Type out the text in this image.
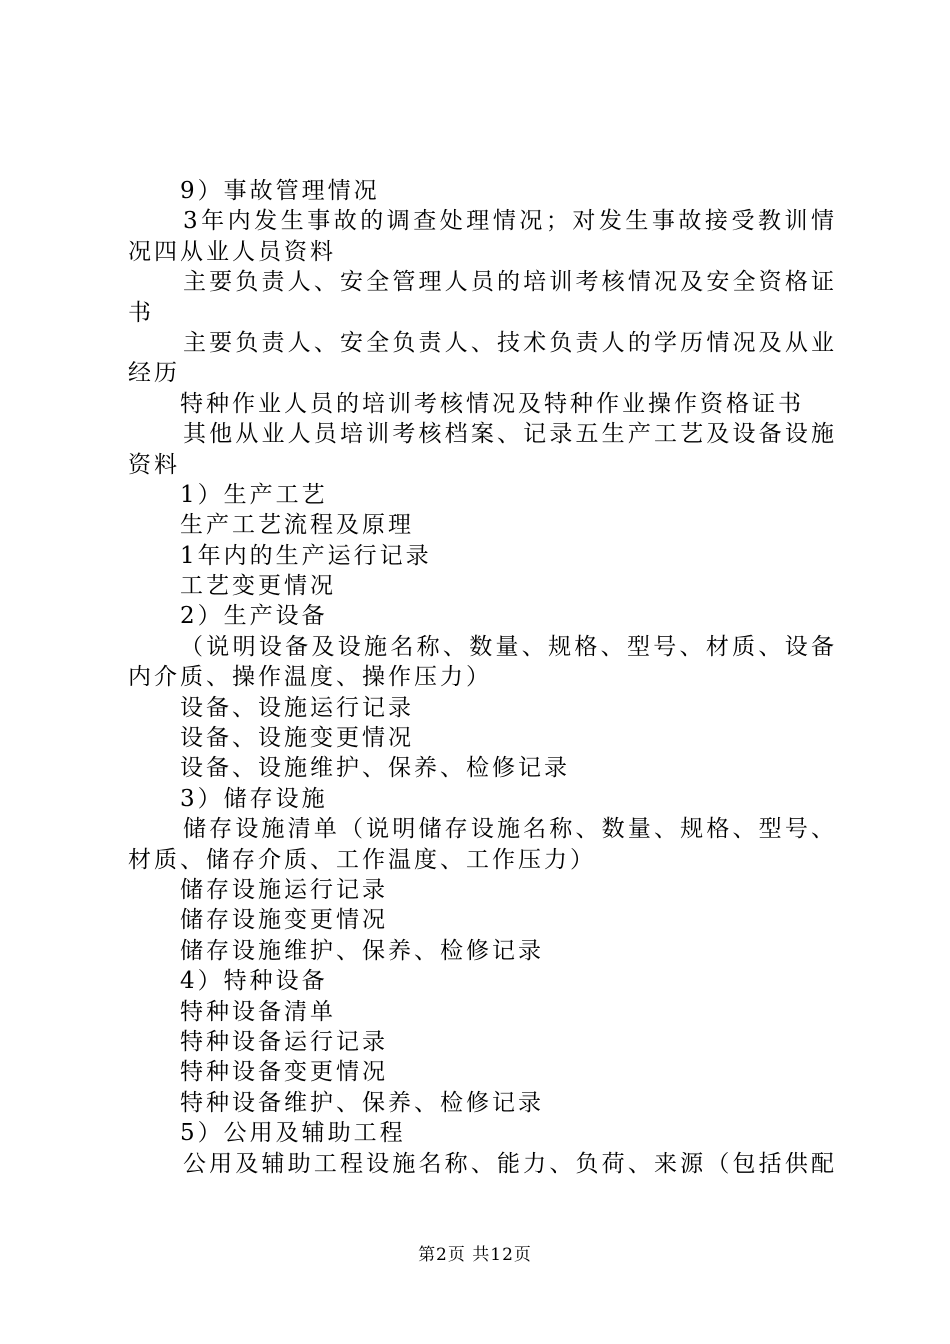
9）事故管理情况
3年内发生事故的调查处理情况；对发生事故接受教训情
况四从业人员资料
主要负责人、安全管理人员的培训考核情况及安全资格证
书
主要负责人、安全负责人、技术负责人的学历情况及从业
经历
特种作业人员的培训考核情况及特种作业操作资格证书
其他从业人员培训考核档案、记录五生产工艺及设备设施
资料
1）生产工艺
生产工艺流程及原理
1年内的生产运行记录
工艺变更情况
2）生产设备
（说明设备及设施名称、数量、规格、型号、材质、设备
内介质、操作温度、操作压力）
设备、设施运行记录
设备、设施变更情况
设备、设施维护、保养、检修记录
3）储存设施
储存设施清单（说明储存设施名称、数量、规格、型号、
材质、储存介质、工作温度、工作压力）
储存设施运行记录
储存设施变更情况
储存设施维护、保养、检修记录
4）特种设备
特种设备清单
特种设备运行记录
特种设备变更情况
特种设备维护、保养、检修记录
5）公用及辅助工程
公用及辅助工程设施名称、能力、负荷、来源（包括供配
第2页 共12页
